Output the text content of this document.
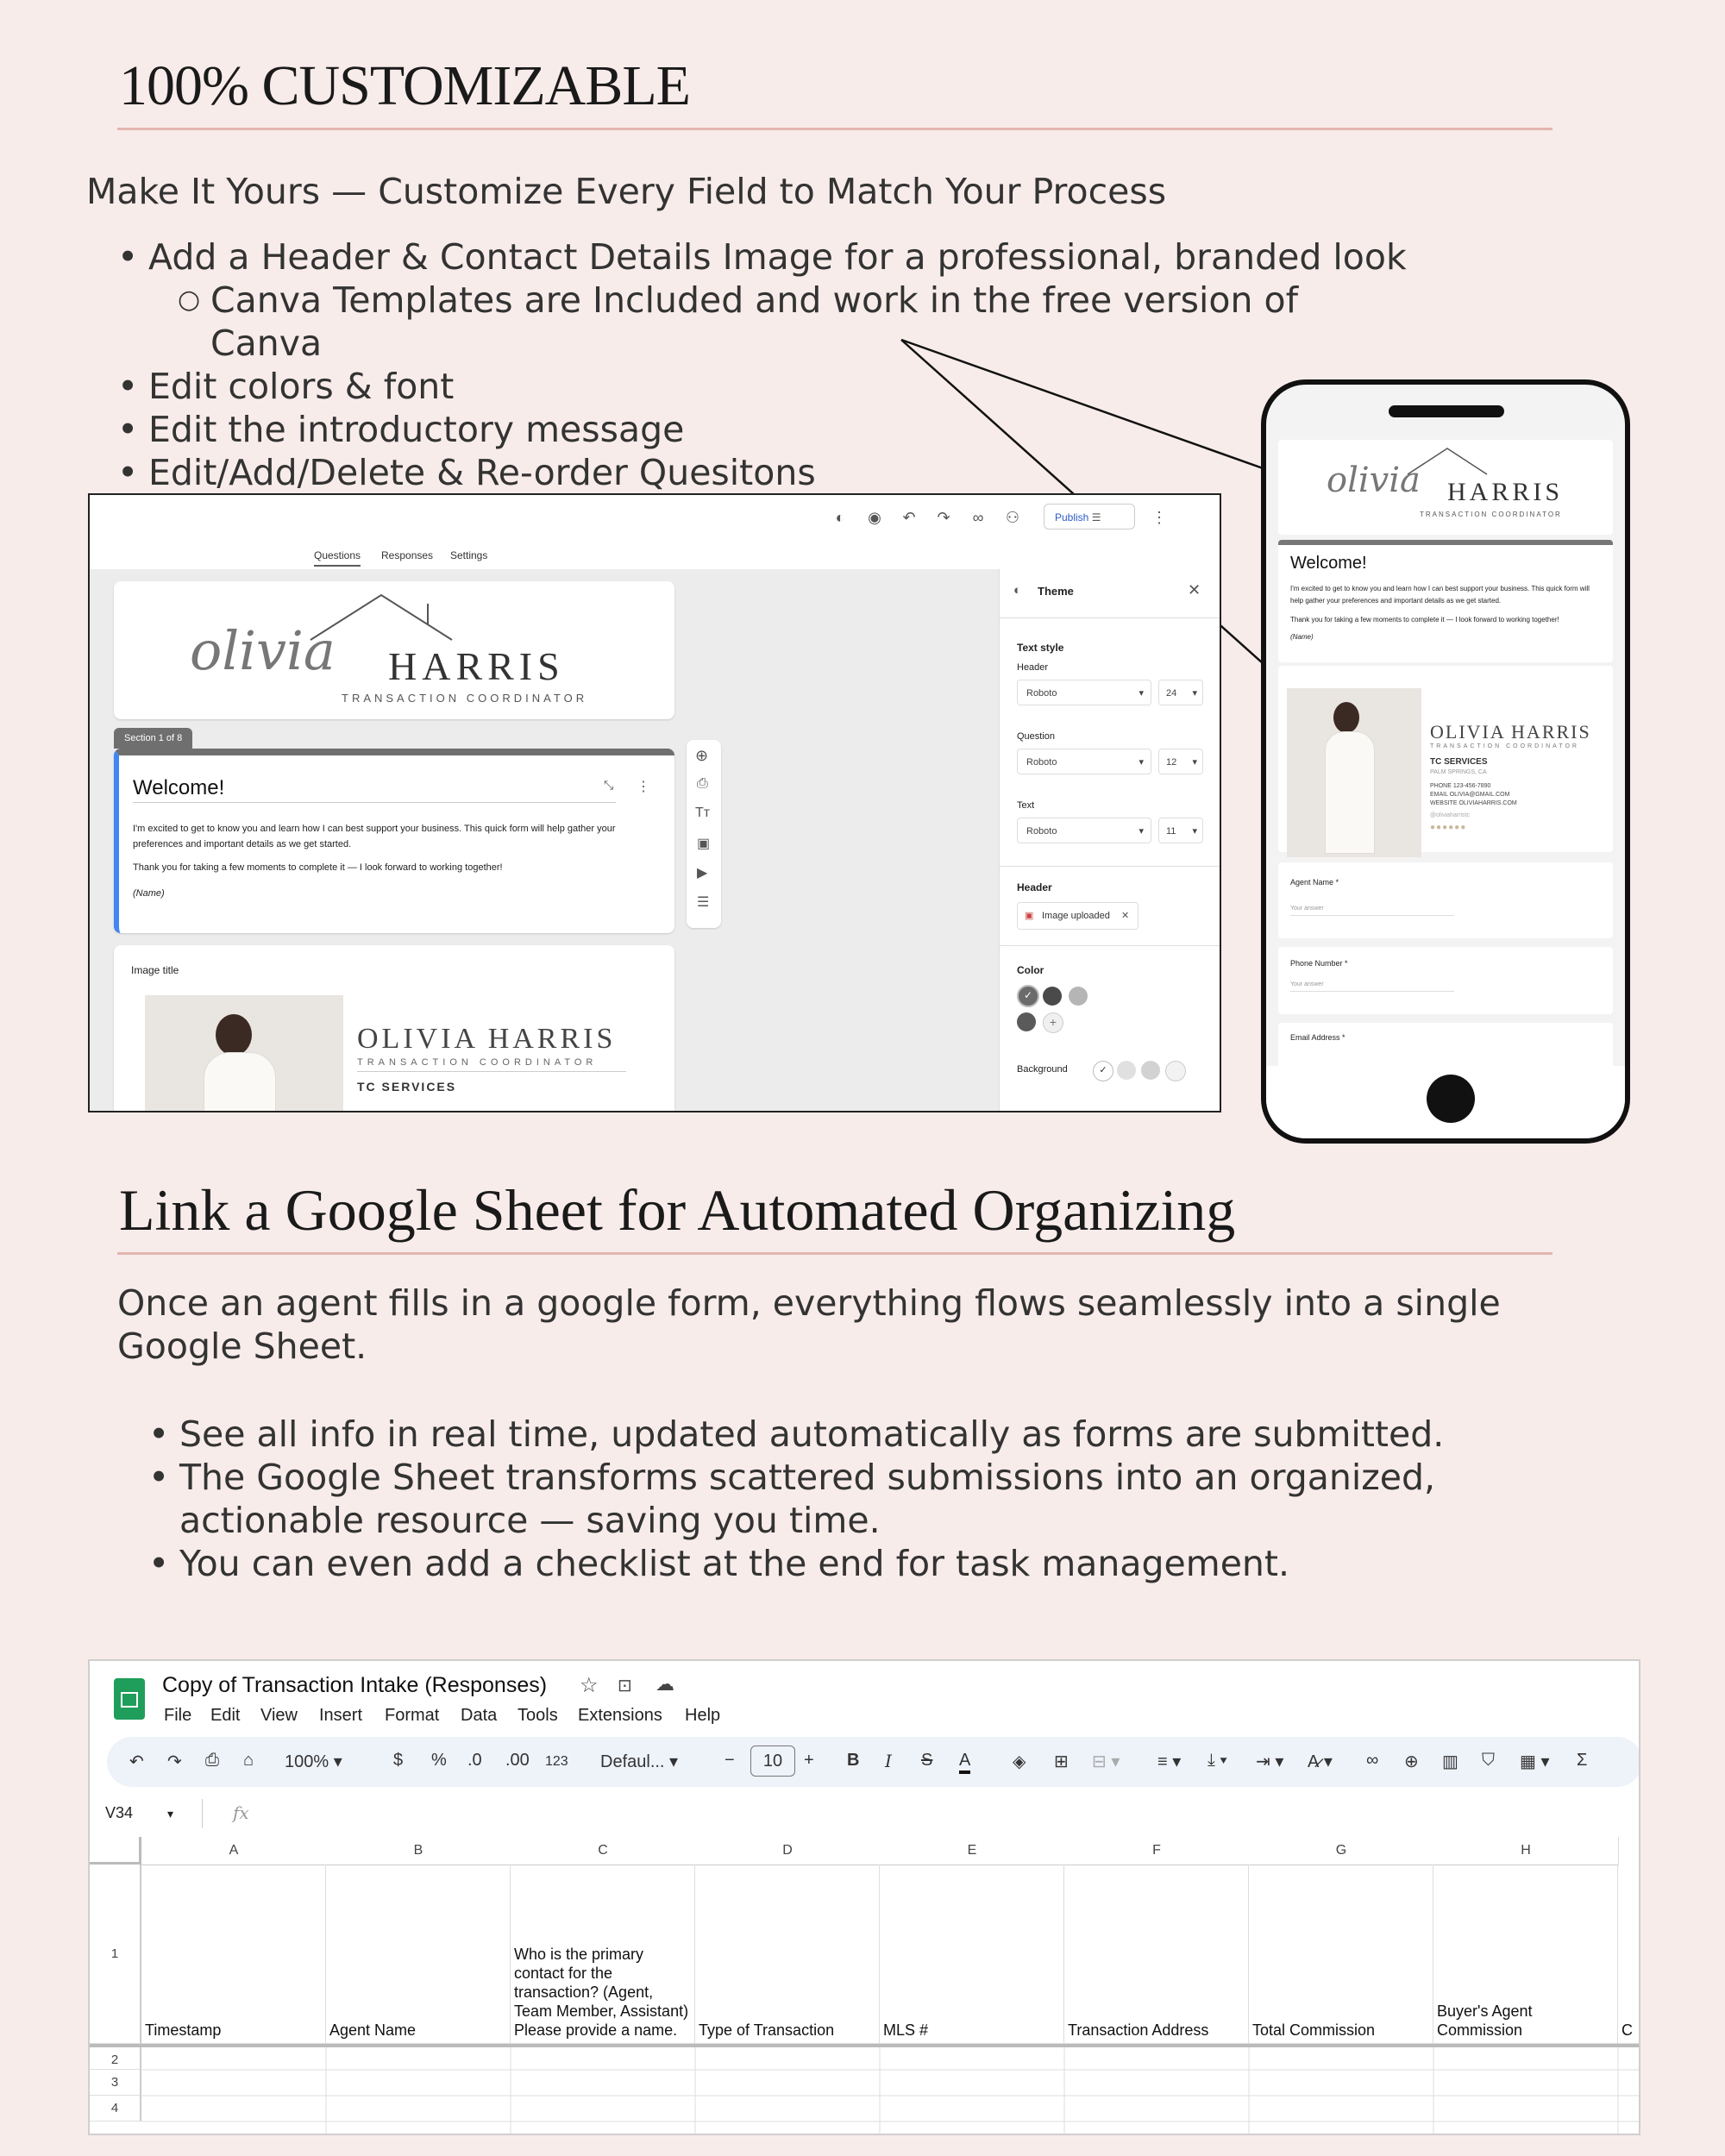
100% CUSTOMIZABLE
Make It Yours — Customize Every Field to Match Your Process
• Add a Header & Contact Details Image for a professional, branded look
○ Canva Templates are Included and work in the free version of Canva
• Edit colors & font
• Edit the introductory message
• Edit/Add/Delete & Re-order Quesitons
◐	◉ ↶ ↷	∞	⚇	Publish ☰	⋮
Questions Responses Settings
olivia HARRIS
TRANSACTION COORDINATOR
Section 1 of 8
Welcome!	⤡ ⋮
I'm excited to get to know you and learn how I can best support your business. This quick form will help gather your preferences and important details as we get started.
Thank you for taking a few moments to complete it — I look forward to working together!
(Name)
⊕
⎙
Tт
▣
▶
☰
Image title
OLIVIA HARRIS
TRANSACTION COORDINATOR
TC SERVICES
◐ Theme	✕
Text style
Header
Roboto	▾	24 ▾
Question
Roboto	▾	12 ▾
Text
Roboto	▾	11 ▾
Header
▣ Image uploaded ✕
Color
✓
+
Background	✓
olivia HARRIS
TRANSACTION COORDINATOR
Welcome!
I'm excited to get to know you and learn how I can best support your business. This quick form will help gather your preferences and important details as we get started.
Thank you for taking a few moments to complete it — I look forward to working together!
(Name)
OLIVIA HARRIS
TRANSACTION COORDINATOR
TC SERVICES
PALM SPRINGS, CA
PHONE 123-456-7890
EMAIL OLIVIA@GMAIL.COM
WEBSITE OLIVIAHARRIS.COM
@oliviaharristc
●●●●●●
Agent Name *
Your answer
Phone Number *
Your answer
Email Address *
Link a Google Sheet for Automated Organizing
Once an agent fills in a google form, everything flows seamlessly into a single Google Sheet.
• See all info in real time, updated automatically as forms are submitted.
• The Google Sheet transforms scattered submissions into an organized, actionable resource — saving you time.
• You can even add a checklist at the end for task management.
Copy of Transaction Intake (Responses) ☆ ⊡ ☁
File Edit View Insert Format Data Tools Extensions Help
↶ ↷ ⎙ ⌂ 100% ▾	$ % .0 .00 123 Defaul... ▾	−	10	+ B I S A ◈ ⊞ ⊟ ▾ ≡ ▾ ⤓ ▾ ⇥ ▾ A̷ ▾ ∞ ⊕ ▥ ⛉ ▦ ▾ Σ
V34	▾	fx
A	B	C	D	E	F	G	H
1
2
3
4
Timestamp	Agent Name
Who is the primary contact for the transaction? (Agent, Team Member, Assistant) Please provide a name.	Type of Transaction	MLS #	Transaction Address	Total Commission
Buyer's Agent Commission	C
